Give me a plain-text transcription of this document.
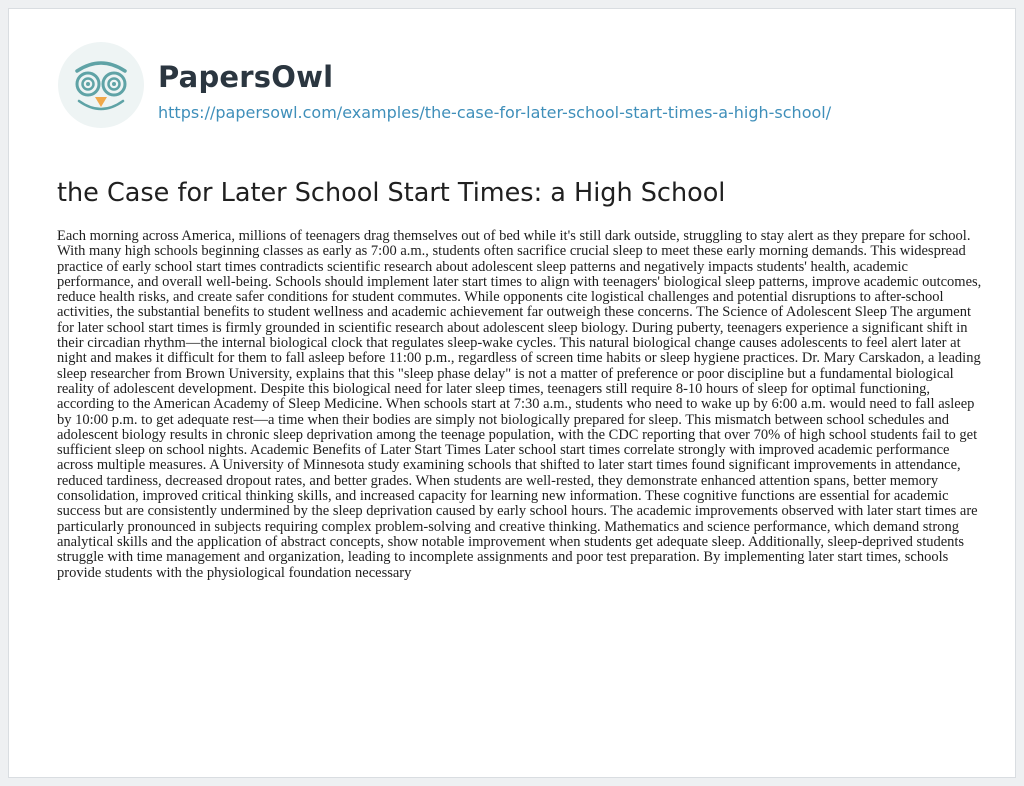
PapersOwl
https://papersowl.com/examples/the-case-for-later-school-start-times-a-high-school/
the Case for Later School Start Times: a High School

Each morning across America, millions of teenagers drag themselves out of bed while it's still dark outside, struggling to stay alert as they prepare for school. With many high schools beginning classes as early as 7:00 a.m., students often sacrifice crucial sleep to meet these early morning demands. This widespread practice of early school start times contradicts scientific research about adolescent sleep patterns and negatively impacts students' health, academic performance, and overall well-being. Schools should implement later start times to align with teenagers' biological sleep patterns, improve academic outcomes, reduce health risks, and create safer conditions for student commutes. While opponents cite logistical challenges and potential disruptions to after-school activities, the substantial benefits to student wellness and academic achievement far outweigh these concerns. The Science of Adolescent Sleep The argument for later school start times is firmly grounded in scientific research about adolescent sleep biology. During puberty, teenagers experience a significant shift in their circadian rhythm—the internal biological clock that regulates sleep-wake cycles. This natural biological change causes adolescents to feel alert later at night and makes it difficult for them to fall asleep before 11:00 p.m., regardless of screen time habits or sleep hygiene practices. Dr. Mary Carskadon, a leading sleep researcher from Brown University, explains that this "sleep phase delay" is not a matter of preference or poor discipline but a fundamental biological reality of adolescent development. Despite this biological need for later sleep times, teenagers still require 8-10 hours of sleep for optimal functioning, according to the American Academy of Sleep Medicine. When schools start at 7:30 a.m., students who need to wake up by 6:00 a.m. would need to fall asleep by 10:00 p.m. to get adequate rest—a time when their bodies are simply not biologically prepared for sleep. This mismatch between school schedules and adolescent biology results in chronic sleep deprivation among the teenage population, with the CDC reporting that over 70% of high school students fail to get sufficient sleep on school nights. Academic Benefits of Later Start Times Later school start times correlate strongly with improved academic performance across multiple measures. A University of Minnesota study examining schools that shifted to later start times found significant improvements in attendance, reduced tardiness, decreased dropout rates, and better grades. When students are well-rested, they demonstrate enhanced attention spans, better memory consolidation, improved critical thinking skills, and increased capacity for learning new information. These cognitive functions are essential for academic success but are consistently undermined by the sleep deprivation caused by early school hours. The academic improvements observed with later start times are particularly pronounced in subjects requiring complex problem-solving and creative thinking. Mathematics and science performance, which demand strong analytical skills and the application of abstract concepts, show notable improvement when students get adequate sleep. Additionally, sleep-deprived students struggle with time management and organization, leading to incomplete assignments and poor test preparation. By implementing later start times, schools provide students with the physiological foundation necessary
